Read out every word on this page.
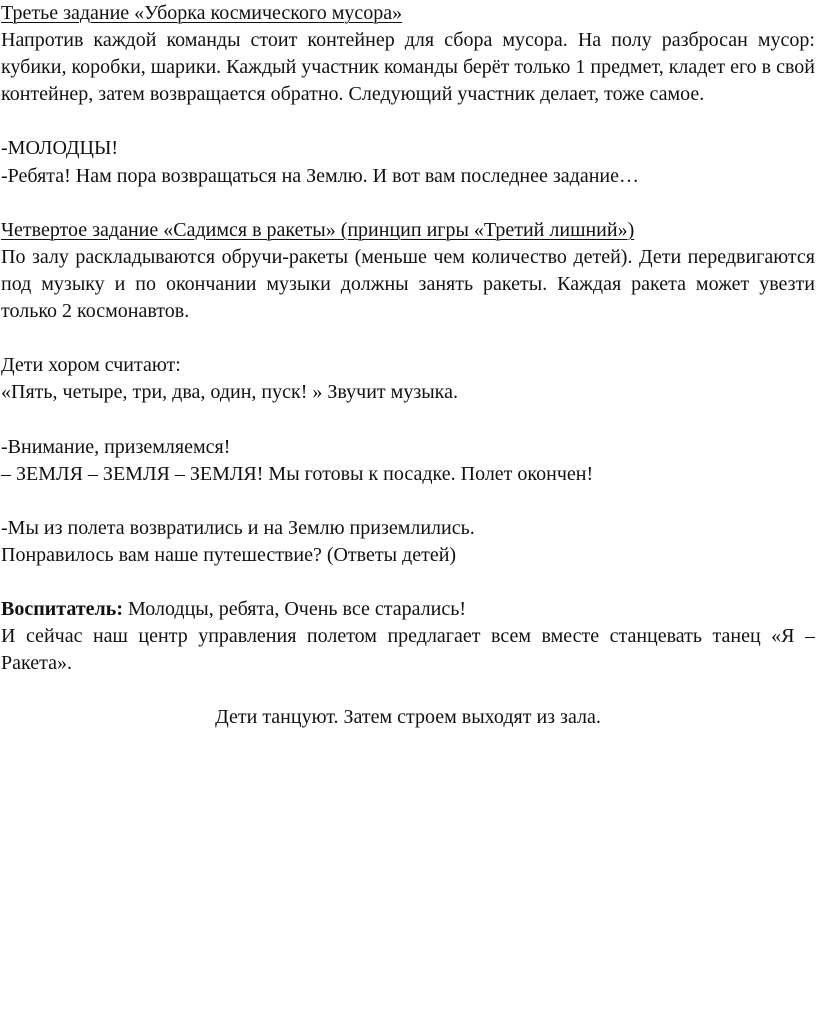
Третье задание «Уборка космического мусора»

Напротив каждой команды стоит контейнер для сбора мусора. На полу разбросан мусор: кубики, коробки, шарики. Каждый участник команды берёт только 1 предмет, кладет его в свой контейнер, затем возвращается обратно. Следующий участник делает, тоже самое.

-МОЛОДЦЫ!

-Ребята! Нам пора возвращаться на Землю. И вот вам последнее задание…

Четвертое задание «Садимся в ракеты» (принцип игры «Третий лишний»)

По залу раскладываются обручи-ракеты (меньше чем количество детей). Дети передвигаются под музыку и по окончании музыки должны занять ракеты. Каждая ракета может увезти только 2 космонавтов.

Дети хором считают:

«Пять, четыре, три, два, один, пуск! » Звучит музыка.

-Внимание, приземляемся!

– ЗЕМЛЯ – ЗЕМЛЯ – ЗЕМЛЯ! Мы готовы к посадке. Полет окончен!

-Мы из полета возвратились и на Землю приземлились.

Понравилось вам наше путешествие? (Ответы детей)

Воспитатель: Молодцы, ребята, Очень все старались!

И сейчас наш центр управления полетом предлагает всем вместе станцевать танец «Я – Ракета».

Дети танцуют. Затем строем выходят из зала.
